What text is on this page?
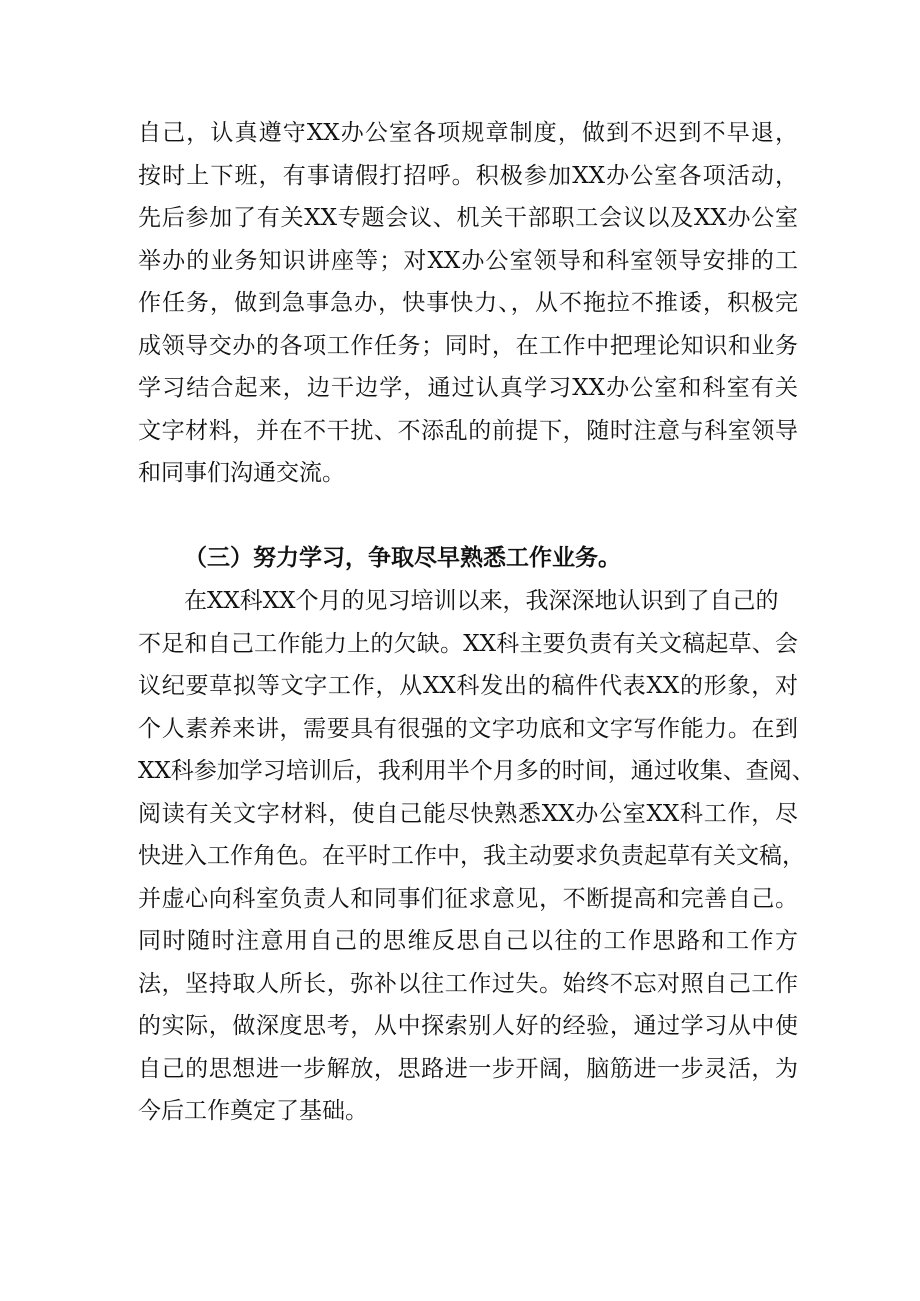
自己，认真遵守XX办公室各项规章制度，做到不迟到不早退，
按时上下班，有事请假打招呼。积极参加XX办公室各项活动，
先后参加了有关XX专题会议、机关干部职工会议以及XX办公室
举办的业务知识讲座等；对XX办公室领导和科室领导安排的工
作任务，做到急事急办，快事快力、，从不拖拉不推诿，积极完
成领导交办的各项工作任务；同时，在工作中把理论知识和业务
学习结合起来，边干边学，通过认真学习XX办公室和科室有关
文字材料，并在不干扰、不添乱的前提下，随时注意与科室领导
和同事们沟通交流。
（三）努力学习，争取尽早熟悉工作业务。
在XX科XX个月的见习培训以来，我深深地认识到了自己的
不足和自己工作能力上的欠缺。XX科主要负责有关文稿起草、会
议纪要草拟等文字工作，从XX科发出的稿件代表XX的形象，对
个人素养来讲，需要具有很强的文字功底和文字写作能力。在到
XX科参加学习培训后，我利用半个月多的时间，通过收集、查阅、
阅读有关文字材料，使自己能尽快熟悉XX办公室XX科工作，尽
快进入工作角色。在平时工作中，我主动要求负责起草有关文稿，
并虚心向科室负责人和同事们征求意见，不断提高和完善自己。
同时随时注意用自己的思维反思自己以往的工作思路和工作方
法，坚持取人所长，弥补以往工作过失。始终不忘对照自己工作
的实际，做深度思考，从中探索别人好的经验，通过学习从中使
自己的思想进一步解放，思路进一步开阔，脑筋进一步灵活，为
今后工作奠定了基础。
